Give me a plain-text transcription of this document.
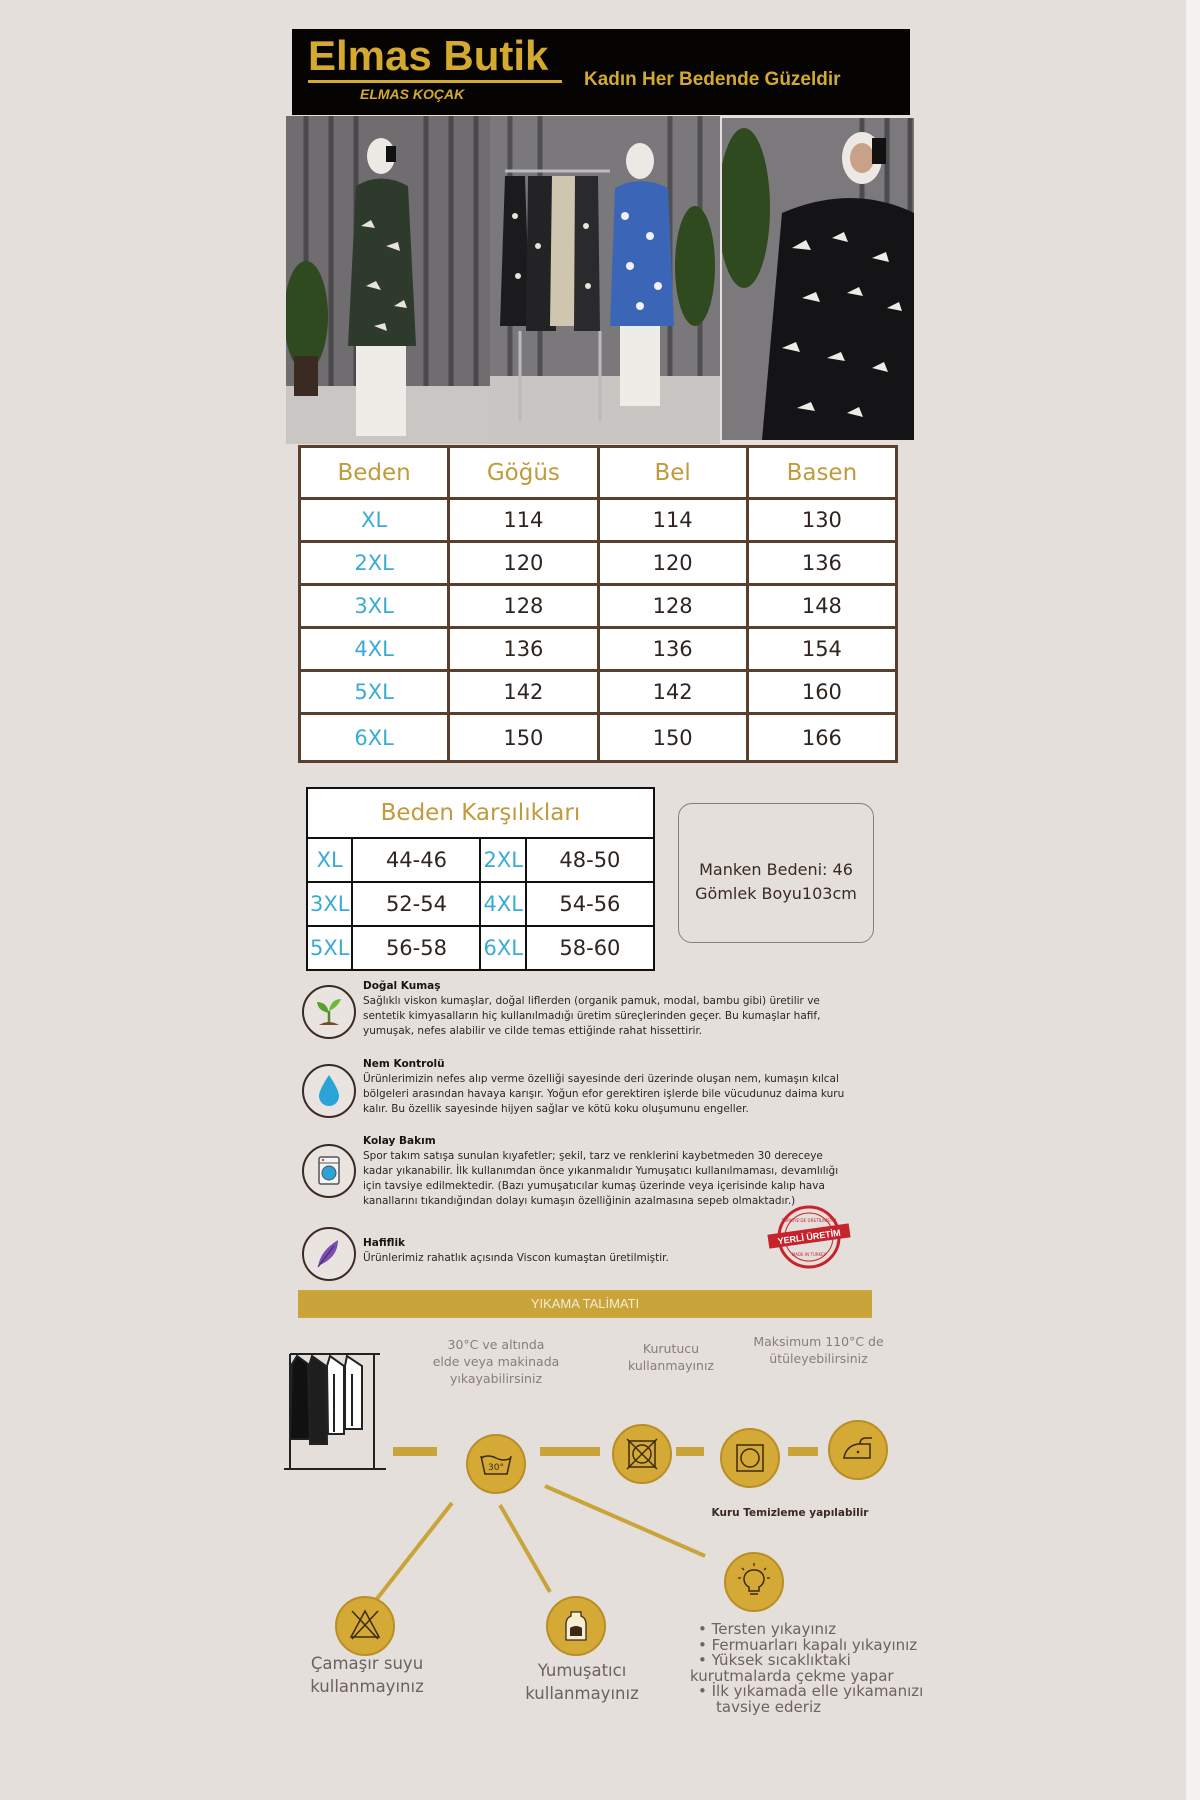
Elmas Butik
ELMAS KOÇAK
Kadın Her Bedende Güzeldir
Beden	Göğüs	Bel	Basen
XL	114	114	130
2XL	120	120	136
3XL	128	128	148
4XL	136	136	154
5XL	142	142	160
6XL	150	150	166
Beden Karşılıkları			
XL	44-46	2XL	48-50
3XL	52-54	4XL	54-56
5XL	56-58	6XL	58-60
Manken Bedeni: 46
Gömlek Boyu103cm
Doğal Kumaş
Sağlıklı viskon kumaşlar, doğal liflerden (organik pamuk, modal, bambu gibi) üretilir ve
sentetik kimyasalların hiç kullanılmadığı üretim süreçlerinden geçer. Bu kumaşlar hafif,
yumuşak, nefes alabilir ve cilde temas ettiğinde rahat hissettirir.
Nem Kontrolü
Ürünlerimizin nefes alıp verme özelliği sayesinde deri üzerinde oluşan nem, kumaşın kılcal
bölgeleri arasından havaya karışır. Yoğun efor gerektiren işlerde bile vücudunuz daima kuru
kalır. Bu özellik sayesinde hijyen sağlar ve kötü koku oluşumunu engeller.
Kolay Bakım
Spor takım satışa sunulan kıyafetler; şekil, tarz ve renklerini kaybetmeden 30 dereceye
kadar yıkanabilir. İlk kullanımdan önce yıkanmalıdır Yumuşatıcı kullanılmaması, devamlılığı
için tavsiye edilmektedir. (Bazı yumuşatıcılar kumaş üzerinde veya içerisinde kalıp hava
kanallarını tıkandığından dolayı kumaşın özelliğinin azalmasına sepeb olmaktadır.)
Hafiflik
Ürünlerimiz rahatlık açısında Viscon kumaştan üretilmiştir.
TÜRKİYE'DE ÜRETİLMİŞTİR
YERLİ ÜRETİM
MADE IN TURKEY
YIKAMA TALİMATI
30°C ve altında
elde veya makinada
yıkayabilirsiniz
Kurutucu
kullanmayınız
Maksimum 110°C de
ütüleyebilirsiniz
30°
Kuru Temizleme yapılabilir
Çamaşır suyu
kullanmayınız
Yumuşatıcı
kullanmayınız
• Tersten yıkayınız
• Fermuarları kapalı yıkayınız
• Yüksek sıcaklıktaki
kurutmalarda çekme yapar
• İlk yıkamada elle yıkamanızı
tavsiye ederiz
